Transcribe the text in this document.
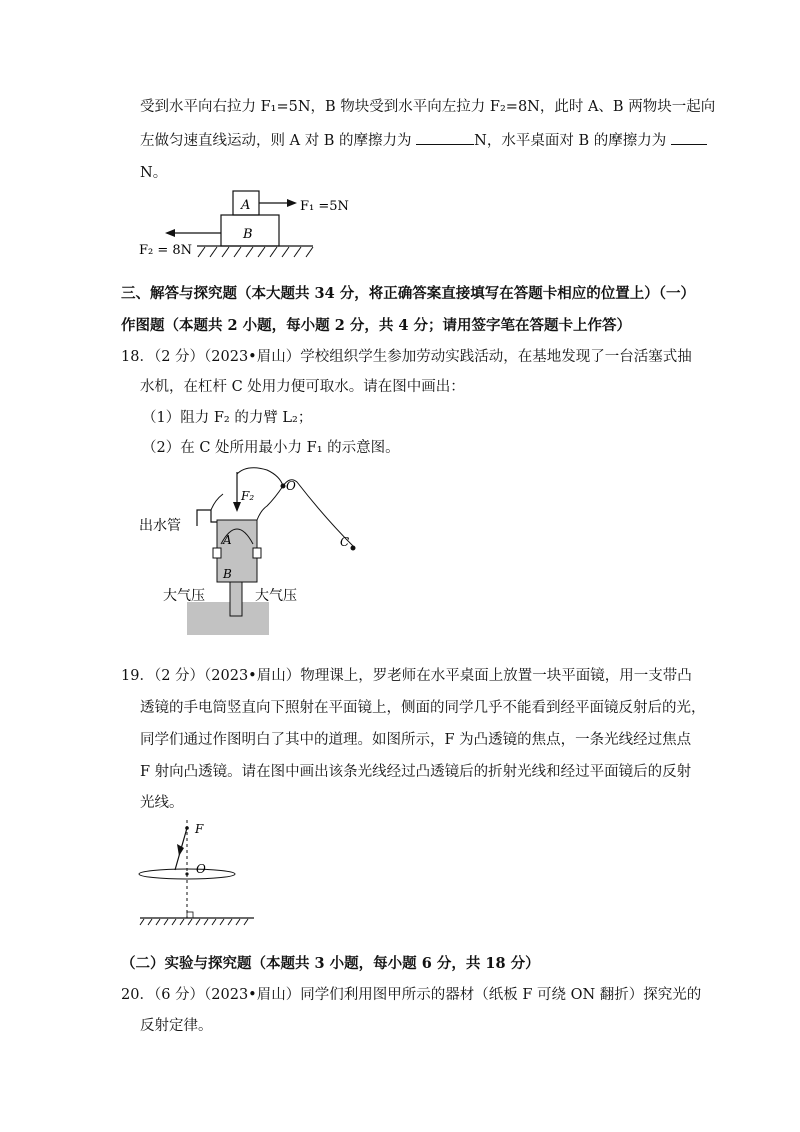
受到水平向右拉力 F₁=5N，B 物块受到水平向左拉力 F₂=8N，此时 A、B 两物块一起向
左做匀速直线运动，则 A 对 B 的摩擦力为	N，水平桌面对 B 的摩擦力为
N。
A
B
F₁ =5N
F₂ = 8N
三、解答与探究题（本大题共 34 分，将正确答案直接填写在答题卡相应的位置上）（一）
作图题（本题共 2 小题，每小题 2 分，共 4 分；请用签字笔在答题卡上作答）
18．（2 分）（2023•眉山）学校组织学生参加劳动实践活动，在基地发现了一台活塞式抽
水机，在杠杆 C 处用力便可取水。请在图中画出：
（1）阻力 F₂ 的力臂 L₂；
（2）在 C 处所用最小力 F₁ 的示意图。
F₂
出水管
O
C
A
B
大气压	大气压
19．（2 分）（2023•眉山）物理课上，罗老师在水平桌面上放置一块平面镜，用一支带凸
透镜的手电筒竖直向下照射在平面镜上，侧面的同学几乎不能看到经平面镜反射后的光，
同学们通过作图明白了其中的道理。如图所示，F 为凸透镜的焦点，一条光线经过焦点
F 射向凸透镜。请在图中画出该条光线经过凸透镜后的折射光线和经过平面镜后的反射
光线。
F
O
（二）实验与探究题（本题共 3 小题，每小题 6 分，共 18 分）
20．（6 分）（2023•眉山）同学们利用图甲所示的器材（纸板 F 可绕 ON 翻折）探究光的
反射定律。
